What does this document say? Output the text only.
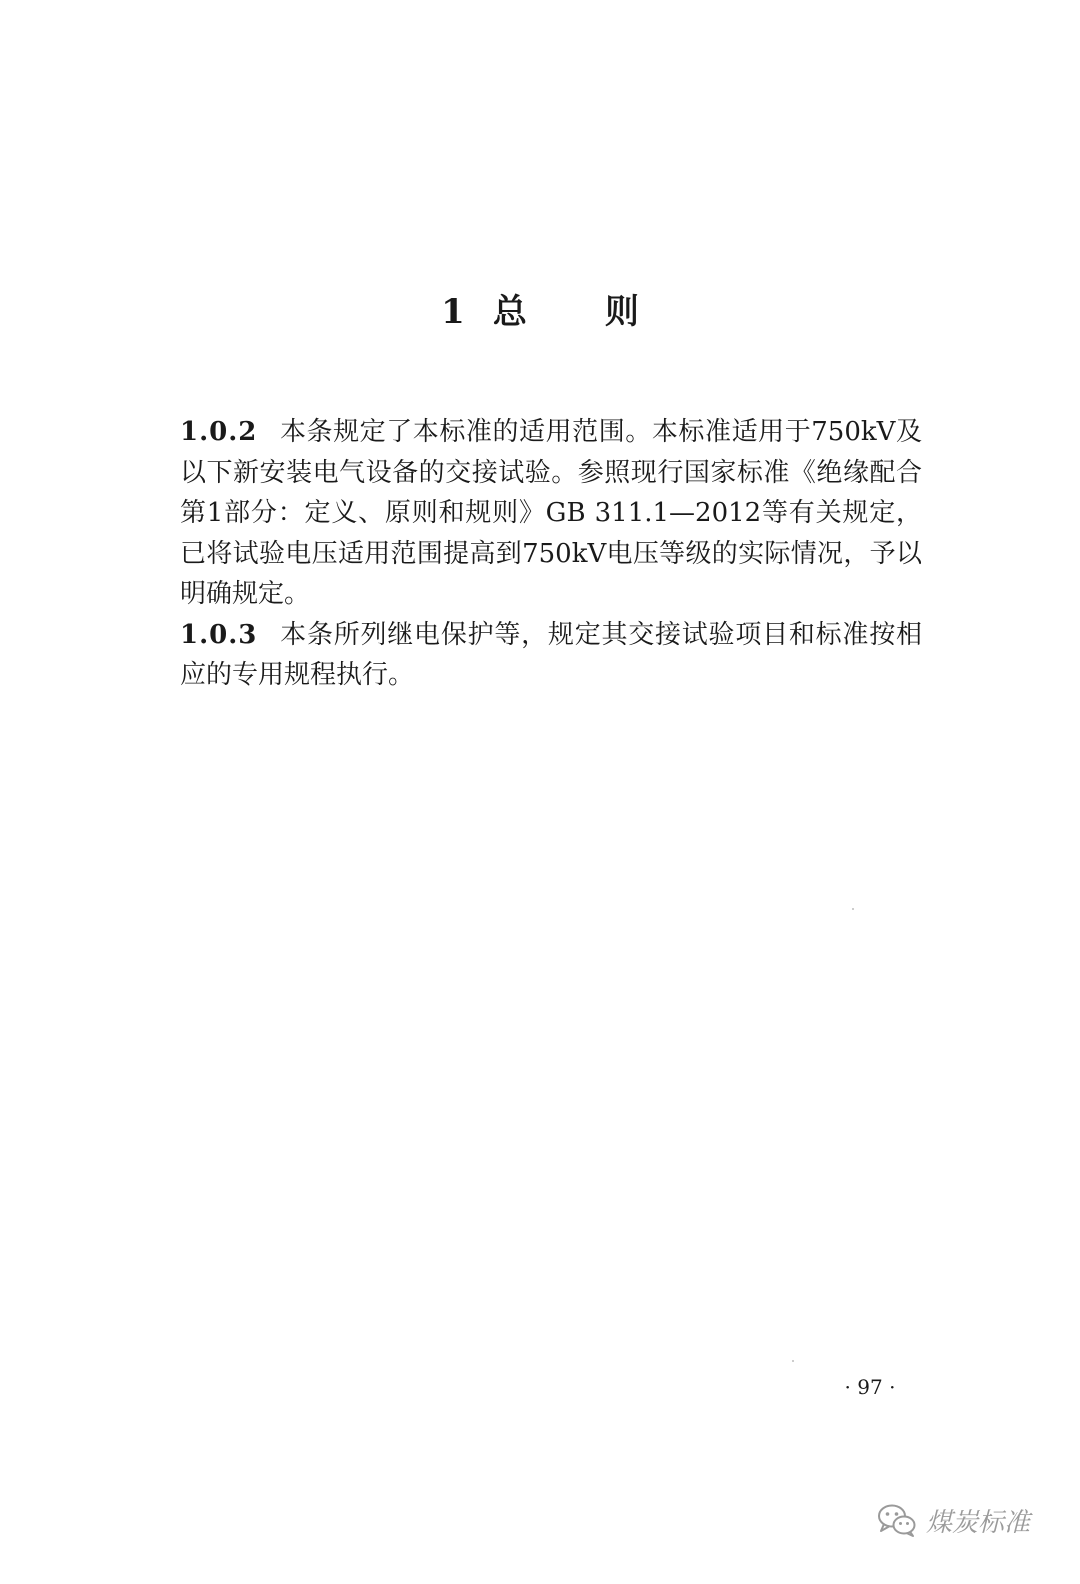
1 总 则

1.0.2 本条规定了本标准的适用范围。本标准适用于750kV及以下新安装电气设备的交接试验。参照现行国家标准《绝缘配合 第1部分：定义、原则和规则》GB 311.1—2012等有关规定，已将试验电压适用范围提高到750kV电压等级的实际情况，予以明确规定。

1.0.3 本条所列继电保护等，规定其交接试验项目和标准按相应的专用规程执行。

· 97 ·
煤炭标准
